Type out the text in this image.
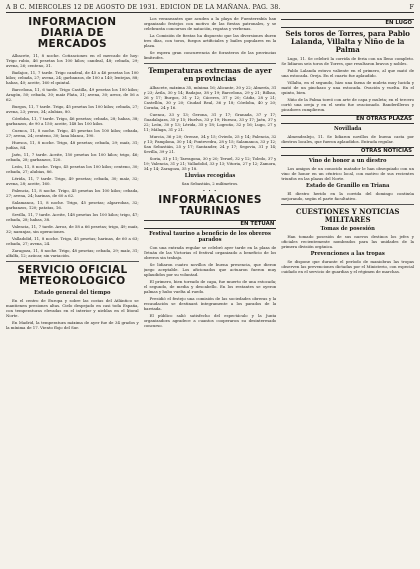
A B C. MIERCOLES 12 DE AGOSTO DE 1931. EDICION DE LA MAÑANA. PAG. 38.	F
INFORMACION DIARIA DE MERCADOS

Albacete, 11, 8 noche. Cotizaciones en el mercado de hoy: Trigo rubio, 46 pesetas los 100 kilos; candeal, 48; cebada, 29; avena, 26; centeno, 31.

Badajoz, 11, 7 tarde. Trigo candeal, de 45 a 46 pesetas los 100 kilos; cebada, 27; avena, 24; garbanzos, de 100 a 140; lentejas, 88; habas, 40; aceite, 160 el quintal.

Barcelona, 11, 6 tarde. Trigo Castilla, 49 pesetas los 100 kilos; Aragón, 50; cebada, 30; maíz Plata, 31; avena, 30; arroz, de 56 a 62.

Burgos, 11, 7 tarde. Trigo, 45 pesetas los 100 kilos; cebada, 27; avena, 23; yeros, 34; alubias, 80.

Córdoba, 11, 7 tarde. Trigo, 46 pesetas; cebada, 28; habas, 38; garbanzos, de 90 a 150; aceite, 148 los 100 kilos.

Cuenca, 11, 8 noche. Trigo, 45 pesetas los 100 kilos; cebada, 27; avena, 24; centeno, 30; lana blanca, 190.

Huesca, 11, 8 noche. Trigo, 48 pesetas; cebada, 29; maíz, 31; judías, 84.

Jaén, 11, 7 tarde. Aceite, 150 pesetas los 100 kilos; trigo, 46; cebada, 28; garbanzos, 120.

León, 11, 8 noche. Trigo, 45 pesetas los 100 kilos; centeno, 30; cebada, 27; alubias, 86.

Lérida, 11, 7 tarde. Trigo, 49 pesetas; cebada, 30; maíz, 32; avena, 28; aceite, 160.

Palencia, 11, 8 noche. Trigo, 45 pesetas los 100 kilos; cebada, 27; avena, 24; harinas, de 60 a 62.

Salamanca, 11, 8 noche. Trigo, 45 pesetas; algarrobas, 32; garbanzos, 120; patatas, 16.

Sevilla, 11, 7 tarde. Aceite, 148 pesetas los 100 kilos; trigo, 47; cebada, 28; habas, 38.

Valencia, 11, 7 tarde. Arroz, de 58 a 66 pesetas; trigo, 49; maíz, 32; naranjas, sin operaciones.

Valladolid, 11, 8 noche. Trigo, 45 pesetas; harinas, de 60 a 63; cebada, 27; avena, 24.

Zaragoza, 11, 8 noche. Trigo, 48 pesetas; cebada, 29; maíz, 31; alfalfa, 12; azúcar, sin variación.

SERVICIO OFICIAL METEOROLOGICO
Estado general del tiempo

En el centro de Europa y sobre las costas del Atlántico se mantienen presiones altas. Cielo despejado en casi toda España, con temperaturas elevadas en el interior y nieblas en el litoral Norte.

En Madrid, la temperatura máxima de ayer fue de 34 grados y la mínima de 17. Viento flojo del Sur.

Los veraneantes que acuden a la playa de Fuenterrabía han organizado festejos con motivo de las fiestas patronales, y se celebrarán concursos de natación, regatas y verbenas.

La Comisión de fiestas ha dispuesto que las diversiones duren tres días, con toros, fuegos artificiales y bailes populares en la plaza.

Se espera gran concurrencia de forasteros de las provincias limítrofes.

Temperaturas extremas de ayer en provincias

Albacete, máxima 35, mínima 16; Alicante, 30 y 22; Almería, 31 y 23; Ávila, 30 y 14; Badajoz, 38 y 19; Barcelona, 29 y 21; Bilbao, 26 y 17; Burgos, 31 y 12; Cáceres, 37 y 20; Cádiz, 28 y 21; Castellón, 30 y 20; Ciudad Real, 36 y 18; Córdoba, 40 y 20; Coruña, 24 y 16.

Cuenca, 33 y 13; Gerona, 31 y 17; Granada, 37 y 17; Guadalajara, 35 y 15; Huelva, 33 y 19; Huesca, 33 y 17; Jaén, 37 y 22; León, 30 y 13; Lérida, 35 y 18; Logroño, 32 y 16; Lugo, 27 y 11; Málaga, 31 y 21.

Murcia, 36 y 20; Orense, 34 y 15; Oviedo, 25 y 14; Palencia, 32 y 13; Pamplona, 30 y 14; Pontevedra, 28 y 15; Salamanca, 33 y 12; San Sebastián, 25 y 17; Santander, 24 y 17; Segovia, 31 y 14; Sevilla, 39 y 21.

Soria, 31 y 11; Tarragona, 30 y 20; Teruel, 32 y 12; Toledo, 37 y 19; Valencia, 31 y 21; Valladolid, 33 y 13; Vitoria, 27 y 12; Zamora, 34 y 14; Zaragoza, 35 y 18.

Lluvias recogidas
San Sebastián, 2 milímetros.
• • •
INFORMACIONES TAURINAS
EN TETUAN
Festival taurino a beneficio de los obreros parados

Con una entrada regular se celebró ayer tarde en la plaza de Tetuán de las Victorias el festival organizado a beneficio de los obreros sin trabajo.

Se lidiaron cuatro novillos de buena presencia, que dieron juego aceptable. Los aficionados que actuaron fueron muy aplaudidos por su voluntad.

El primero, bien toreado de capa, fue muerto de una estocada; el segundo, de media y descabello. En los restantes se oyeron palmas y hubo vuelta al ruedo.

Presidió el festejo una comisión de las sociedades obreras y la recaudación se destinará íntegramente a los parados de la barriada.

El público salió satisfecho del espectáculo y la Junta organizadora agradece a cuantos cooperaron su desinteresado concurso.

EN LUGO
Seis toros de Torres, para Pablo Lalanda, Villalta y Niño de la Palma

Lugo, 11. Se celebró la corrida de feria con un lleno completo. Se lidiaron seis toros de Torres, que resultaron bravos y nobles.

Pablo Lalanda estuvo valiente en el primero, al que mató de una estocada. Oreja. En el cuarto fue aplaudido.

Villalta, en el segundo, hizo una faena de muleta muy lucida y mató de un pinchazo y una estocada. Ovación y vuelta. En el quinto, bien.

Niño de la Palma toreó con arte de capa y muleta; en el tercero cortó una oreja y en el sexto fue ovacionado. Banderilleros y picadores cumplieron.

EN OTRAS PLAZAS
Novillada

Almendralejo, 11. Se lidiaron novillos de buena casta por diestros locales, que fueron aplaudidos. Entrada regular.

OTRAS NOTICIAS
Vino de honor a un diestro

Los amigos de un conocido matador le han obsequiado con un vino de honor en un céntrico local, con motivo de sus recientes triunfos en las plazas del Norte.

Estado de Granillo en Triana

El diestro herido en la corrida del domingo continúa mejorando, según el parte facultativo.

CUESTIONES Y NOTICIAS MILITARES
Tomas de posesión

Han tomado posesión de sus nuevos destinos los jefes y oficiales recientemente nombrados para las unidades de la primera división orgánica.

Prevenciones a las tropas

Se dispone que durante el período de maniobras las tropas observen las prevenciones dictadas por el Ministerio, con especial cuidado en el servicio de guardias y el régimen de marchas.
